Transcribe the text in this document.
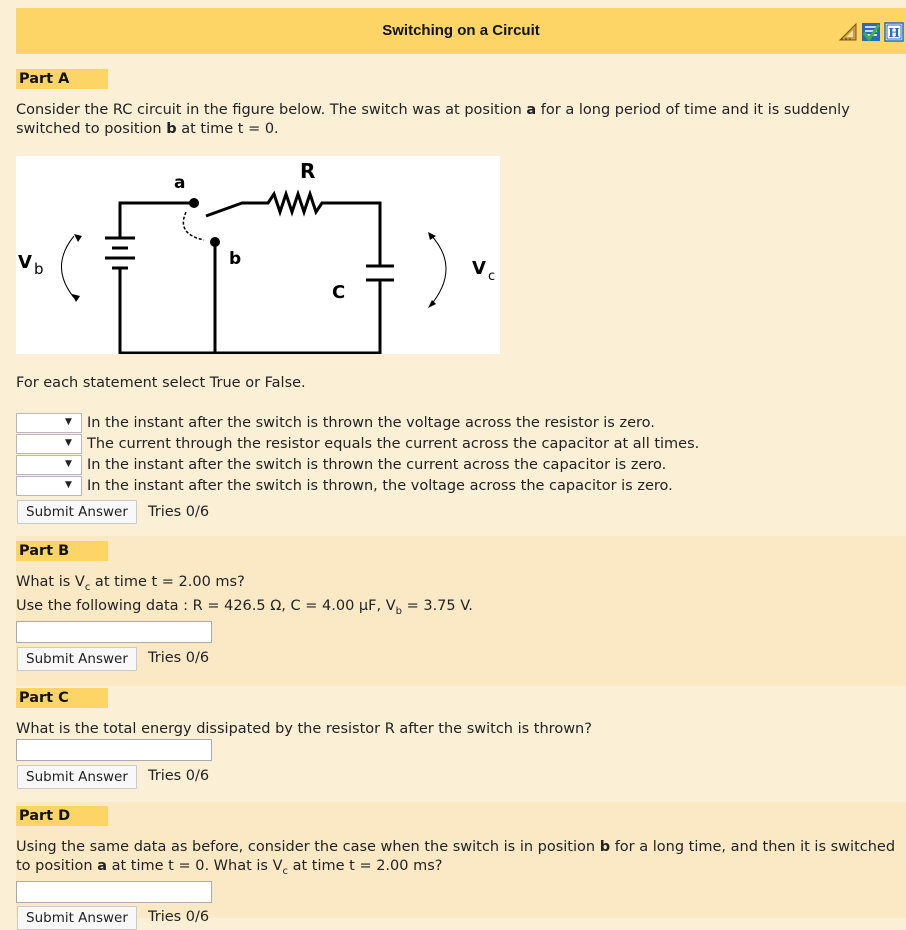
Switching on a Circuit	H
Part A
Consider the RC circuit in the figure below. The switch was at position a for a long period of time and it is suddenly switched to position b at time t = 0.
a
b
R
C
V b	V c
For each statement select True or False.
▼ In the instant after the switch is thrown the voltage across the resistor is zero.
▼ The current through the resistor equals the current across the capacitor at all times.
▼ In the instant after the switch is thrown the current across the capacitor is zero.
▼ In the instant after the switch is thrown, the voltage across the capacitor is zero.
Submit Answer	Tries 0/6
Part B
What is $V_c$ at time t = 2.00 ms?
Use the following data : R = 426.5 Ω, C = 4.00 μF, $V_b = 3.75$ V.
Submit Answer	Tries 0/6
Part C
What is the total energy dissipated by the resistor R after the switch is thrown?
Submit Answer	Tries 0/6
Part D
Using the same data as before, consider the case when the switch is in position b for a long time, and then it is switched to position a at time t = 0. What is $V_c$ at time t = 2.00 ms?
Submit Answer	Tries 0/6
